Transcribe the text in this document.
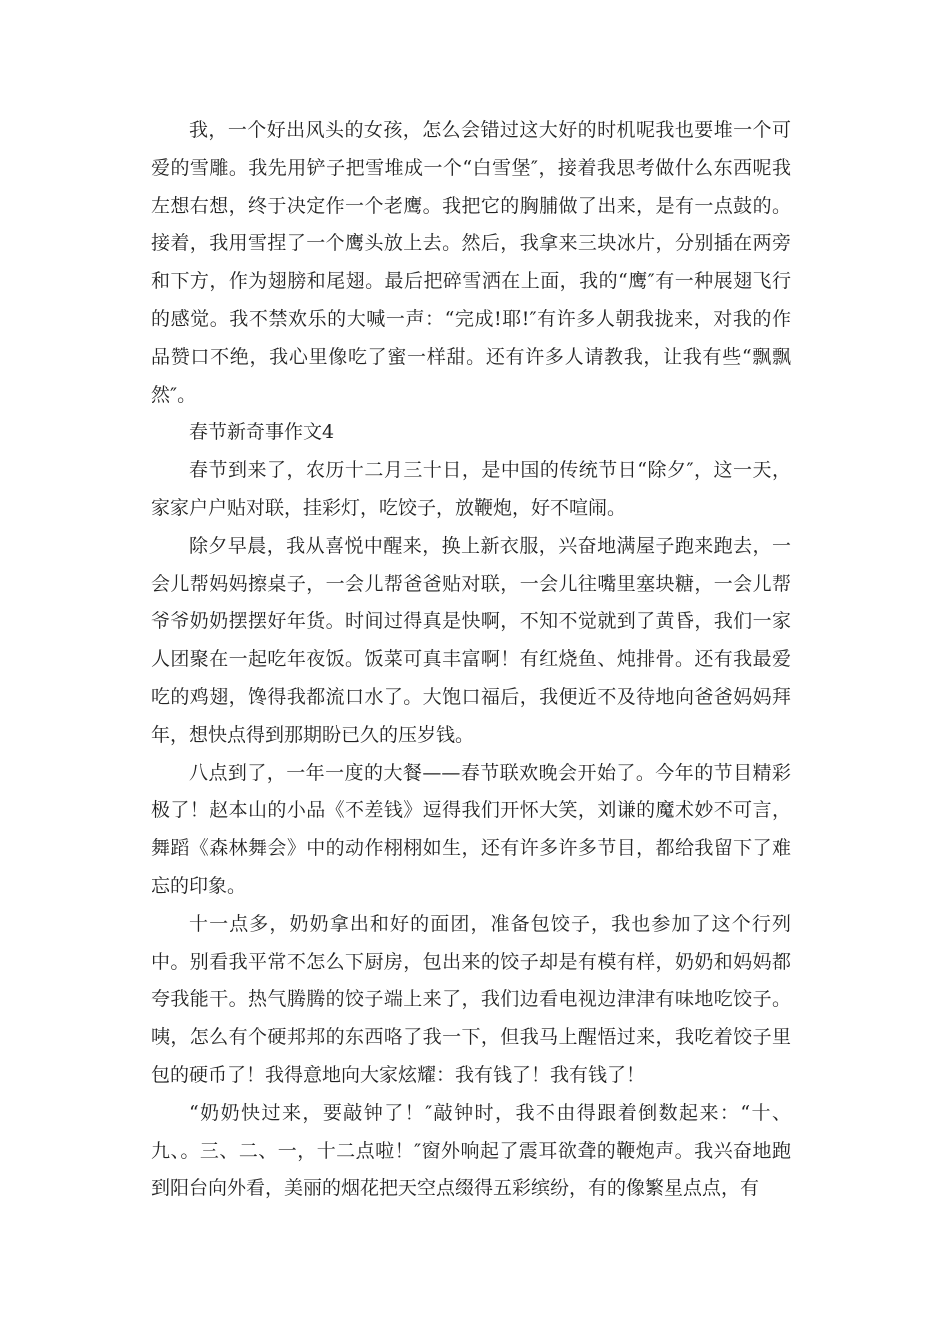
我，一个好出风头的女孩，怎么会错过这大好的时机呢我也要堆一个可爱的雪雕。我先用铲子把雪堆成一个“白雪堡″，接着我思考做什么东西呢我左想右想，终于决定作一个老鹰。我把它的胸脯做了出来，是有一点鼓的。接着，我用雪捏了一个鹰头放上去。然后，我拿来三块冰片，分别插在两旁和下方，作为翅膀和尾翅。最后把碎雪洒在上面，我的“鹰″有一种展翅飞行的感觉。我不禁欢乐的大喊一声：“完成!耶!″有许多人朝我拢来，对我的作品赞口不绝，我心里像吃了蜜一样甜。还有许多人请教我，让我有些“飘飘然″。

春节新奇事作文4

春节到来了，农历十二月三十日，是中国的传统节日“除夕″，这一天，家家户户贴对联，挂彩灯，吃饺子，放鞭炮，好不喧闹。

除夕早晨，我从喜悦中醒来，换上新衣服，兴奋地满屋子跑来跑去，一会儿帮妈妈擦桌子，一会儿帮爸爸贴对联，一会儿往嘴里塞块糖，一会儿帮爷爷奶奶摆摆好年货。时间过得真是快啊，不知不觉就到了黄昏，我们一家人团聚在一起吃年夜饭。饭菜可真丰富啊！有红烧鱼、炖排骨。还有我最爱吃的鸡翅，馋得我都流口水了。大饱口福后，我便近不及待地向爸爸妈妈拜年，想快点得到那期盼已久的压岁钱。

八点到了，一年一度的大餐——春节联欢晚会开始了。今年的节目精彩极了！赵本山的小品《不差钱》逗得我们开怀大笑，刘谦的魔术妙不可言，舞蹈《森林舞会》中的动作栩栩如生，还有许多许多节目，都给我留下了难忘的印象。

十一点多，奶奶拿出和好的面团，准备包饺子，我也参加了这个行列中。别看我平常不怎么下厨房，包出来的饺子却是有模有样，奶奶和妈妈都夸我能干。热气腾腾的饺子端上来了，我们边看电视边津津有味地吃饺子。咦，怎么有个硬邦邦的东西咯了我一下，但我马上醒悟过来，我吃着饺子里包的硬币了！我得意地向大家炫耀：我有钱了！我有钱了！

“奶奶快过来，要敲钟了！″敲钟时，我不由得跟着倒数起来：“十、九、。三、二、一，十二点啦！″窗外响起了震耳欲聋的鞭炮声。我兴奋地跑到阳台向外看，美丽的烟花把天空点缀得五彩缤纷，有的像繁星点点，有
